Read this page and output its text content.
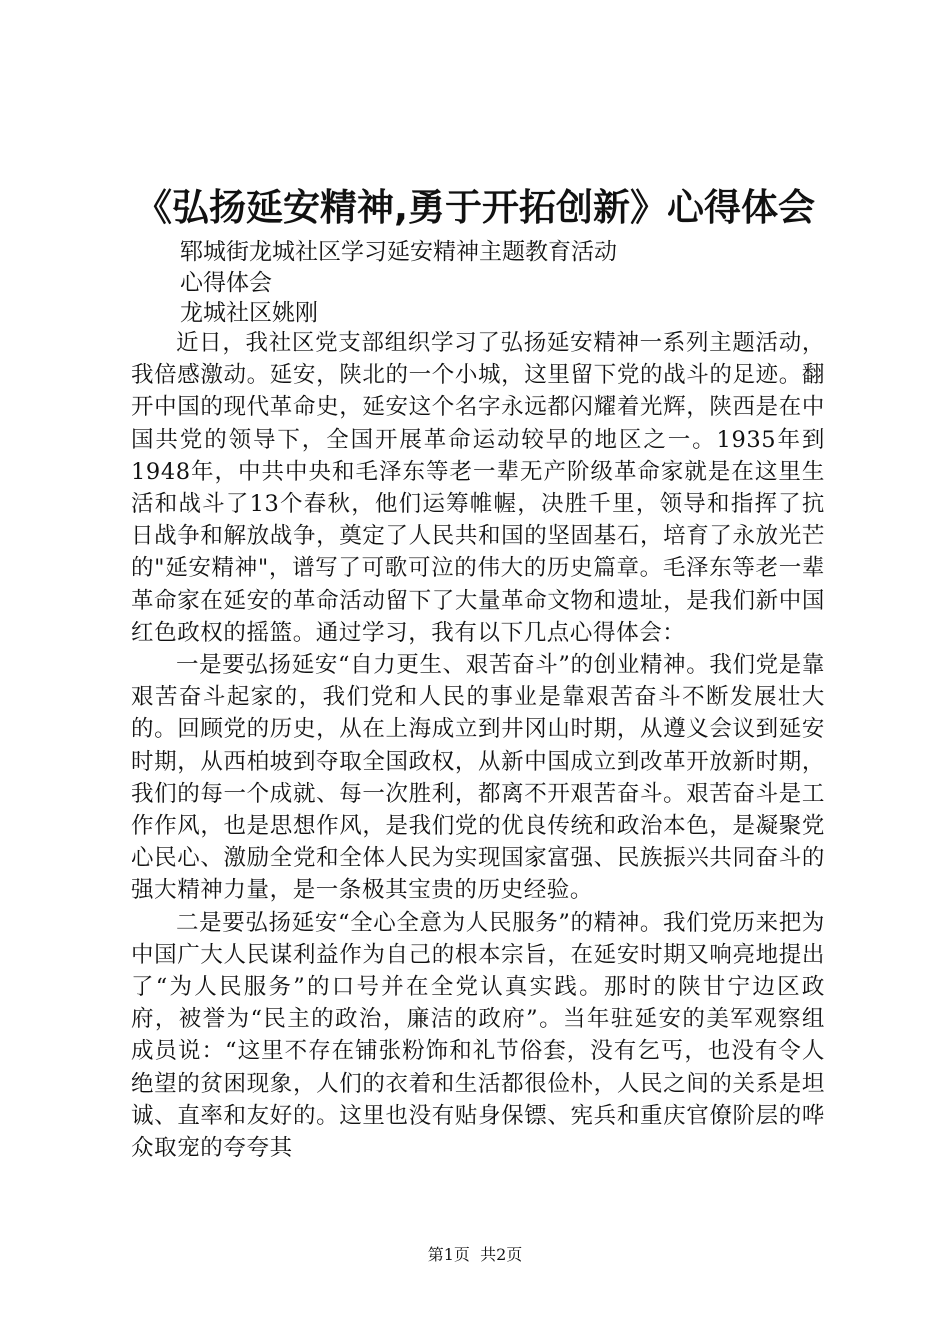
《弘扬延安精神,勇于开拓创新》心得体会

郓城街龙城社区学习延安精神主题教育活动

心得体会

龙城社区姚刚

近日，我社区党支部组织学习了弘扬延安精神一系列主题活动，我倍感激动。延安，陕北的一个小城，这里留下党的战斗的足迹。翻开中国的现代革命史，延安这个名字永远都闪耀着光辉，陕西是在中国共党的领导下，全国开展革命运动较早的地区之一。1935年到1948年，中共中央和毛泽东等老一辈无产阶级革命家就是在这里生活和战斗了13个春秋，他们运筹帷幄，决胜千里，领导和指挥了抗日战争和解放战争，奠定了人民共和国的坚固基石，培育了永放光芒的"延安精神"，谱写了可歌可泣的伟大的历史篇章。毛泽东等老一辈革命家在延安的革命活动留下了大量革命文物和遗址，是我们新中国红色政权的摇篮。通过学习，我有以下几点心得体会：

一是要弘扬延安“自力更生、艰苦奋斗”的创业精神。我们党是靠艰苦奋斗起家的，我们党和人民的事业是靠艰苦奋斗不断发展壮大的。回顾党的历史，从在上海成立到井冈山时期，从遵义会议到延安时期，从西柏坡到夺取全国政权，从新中国成立到改革开放新时期，我们的每一个成就、每一次胜利，都离不开艰苦奋斗。艰苦奋斗是工作作风，也是思想作风，是我们党的优良传统和政治本色，是凝聚党心民心、激励全党和全体人民为实现国家富强、民族振兴共同奋斗的强大精神力量，是一条极其宝贵的历史经验。

二是要弘扬延安“全心全意为人民服务”的精神。我们党历来把为中国广大人民谋利益作为自己的根本宗旨，在延安时期又响亮地提出了“为人民服务”的口号并在全党认真实践。那时的陕甘宁边区政府，被誉为“民主的政治，廉洁的政府”。当年驻延安的美军观察组成员说：“这里不存在铺张粉饰和礼节俗套，没有乞丐，也没有令人绝望的贫困现象，人们的衣着和生活都很俭朴，人民之间的关系是坦诚、直率和友好的。这里也没有贴身保镖、宪兵和重庆官僚阶层的哗众取宠的夸夸其

第1页  共2页
